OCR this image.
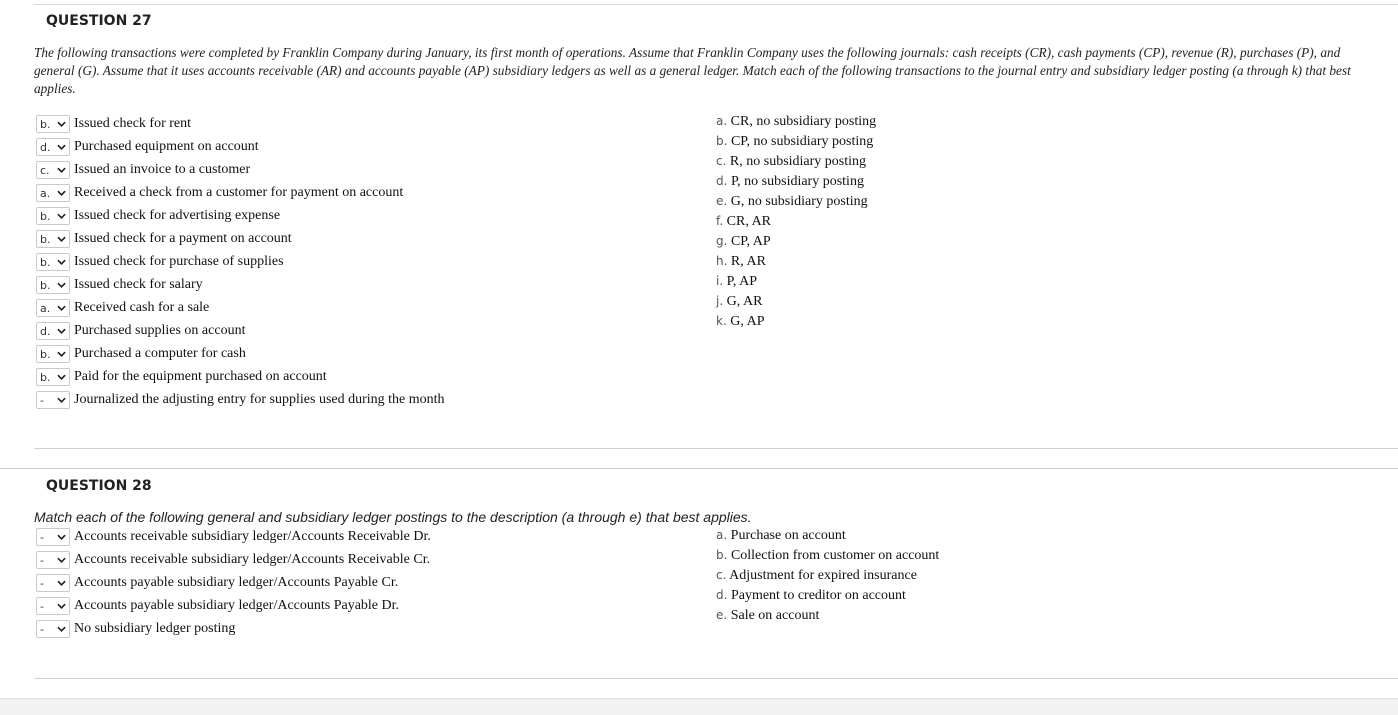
QUESTION 27
The following transactions were completed by Franklin Company during January, its first month of operations. Assume that Franklin Company uses the following journals: cash receipts (CR), cash payments (CP), revenue (R), purchases (P), and general (G). Assume that it uses accounts receivable (AR) and accounts payable (AP) subsidiary ledgers as well as a general ledger. Match each of the following transactions to the journal entry and subsidiary ledger posting (a through k) that best applies.
b. Issued check for rent
d. Purchased equipment on account
c. Issued an invoice to a customer
a. Received a check from a customer for payment on account
b. Issued check for advertising expense
b. Issued check for a payment on account
b. Issued check for purchase of supplies
b. Issued check for salary
a. Received cash for a sale
d. Purchased supplies on account
b. Purchased a computer for cash
b. Paid for the equipment purchased on account
- Journalized the adjusting entry for supplies used during the month
a. CR, no subsidiary posting
b. CP, no subsidiary posting
c. R, no subsidiary posting
d. P, no subsidiary posting
e. G, no subsidiary posting
f. CR, AR
g. CP, AP
h. R, AR
i. P, AP
j. G, AR
k. G, AP
QUESTION 28
Match each of the following general and subsidiary ledger postings to the description (a through e) that best applies.
- Accounts receivable subsidiary ledger/Accounts Receivable Dr.
- Accounts receivable subsidiary ledger/Accounts Receivable Cr.
- Accounts payable subsidiary ledger/Accounts Payable Cr.
- Accounts payable subsidiary ledger/Accounts Payable Dr.
- No subsidiary ledger posting
a. Purchase on account
b. Collection from customer on account
c. Adjustment for expired insurance
d. Payment to creditor on account
e. Sale on account
